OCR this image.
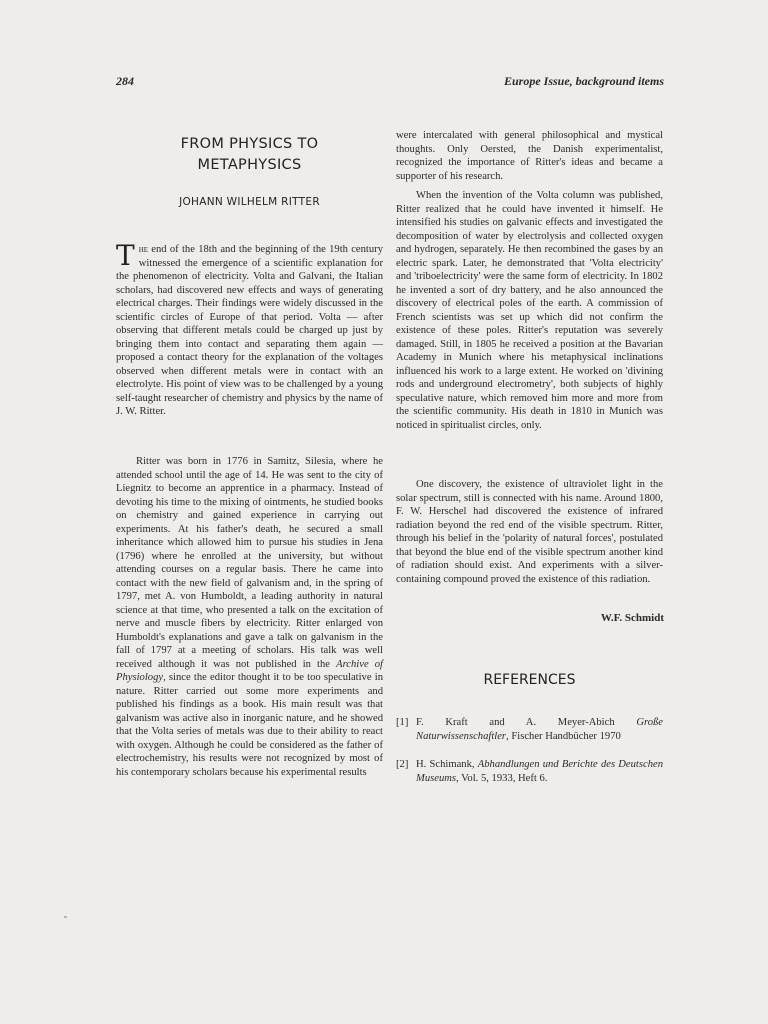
284	Europe Issue, background items
FROM PHYSICS TO
METAPHYSICS
JOHANN WILHELM RITTER

The end of the 18th and the beginning of the 19th century witnessed the emergence of a scientific explanation for the phenomenon of electricity. Volta and Galvani, the Italian scholars, had discovered new effects and ways of generating electrical charges. Their findings were widely discussed in the scientific circles of Europe of that period. Volta — after observing that different metals could be charged up just by bringing them into contact and separating them again — proposed a contact theory for the explanation of the voltages observed when different metals were in contact with an electrolyte. His point of view was to be challenged by a young self-taught researcher of chemistry and physics by the name of J. W. Ritter.

Ritter was born in 1776 in Samitz, Silesia, where he attended school until the age of 14. He was sent to the city of Liegnitz to become an apprentice in a pharmacy. Instead of devoting his time to the mixing of ointments, he studied books on chemistry and gained experience in carrying out experiments. At his father's death, he secured a small inheritance which allowed him to pursue his studies in Jena (1796) where he enrolled at the university, but without attending courses on a regular basis. There he came into contact with the new field of galvanism and, in the spring of 1797, met A. von Humboldt, a leading authority in natural science at that time, who presented a talk on the excitation of nerve and muscle fibers by electricity. Ritter enlarged von Humboldt's explanations and gave a talk on galvanism in the fall of 1797 at a meeting of scholars. His talk was well received although it was not published in the Archive of Physiology, since the editor thought it to be too speculative in nature. Ritter carried out some more experiments and published his findings as a book. His main result was that galvanism was active also in inorganic nature, and he showed that the Volta series of metals was due to their ability to react with oxygen. Although he could be considered as the father of electrochemistry, his results were not recognized by most of his contemporary scholars because his experimental results

were intercalated with general philosophical and mystical thoughts. Only Oersted, the Danish experimentalist, recognized the importance of Ritter's ideas and became a supporter of his research.

When the invention of the Volta column was published, Ritter realized that he could have invented it himself. He intensified his studies on galvanic effects and investigated the decomposition of water by electrolysis and collected oxygen and hydrogen, separately. He then recombined the gases by an electric spark. Later, he demonstrated that 'Volta electricity' and 'triboelectricity' were the same form of electricity. In 1802 he invented a sort of dry battery, and he also announced the discovery of electrical poles of the earth. A commission of French scientists was set up which did not confirm the existence of these poles. Ritter's reputation was severely damaged. Still, in 1805 he received a position at the Bavarian Academy in Munich where his metaphysical inclinations influenced his work to a large extent. He worked on 'divining rods and underground electrometry', both subjects of highly speculative nature, which removed him more and more from the scientific community. His death in 1810 in Munich was noticed in spiritualist circles, only.

One discovery, the existence of ultraviolet light in the solar spectrum, still is connected with his name. Around 1800, F. W. Herschel had discovered the existence of infrared radiation beyond the red end of the visible spectrum. Ritter, through his belief in the 'polarity of natural forces', postulated that beyond the blue end of the visible spectrum another kind of radiation should exist. And experiments with a silver-containing compound proved the existence of this radiation.

W.F. Schmidt
REFERENCES
[1] F. Kraft and A. Meyer-Abich Große Naturwissenschaftler, Fischer Handbücher 1970
[2] H. Schimank, Abhandlungen und Berichte des Deutschen Museums, Vol. 5, 1933, Heft 6.
